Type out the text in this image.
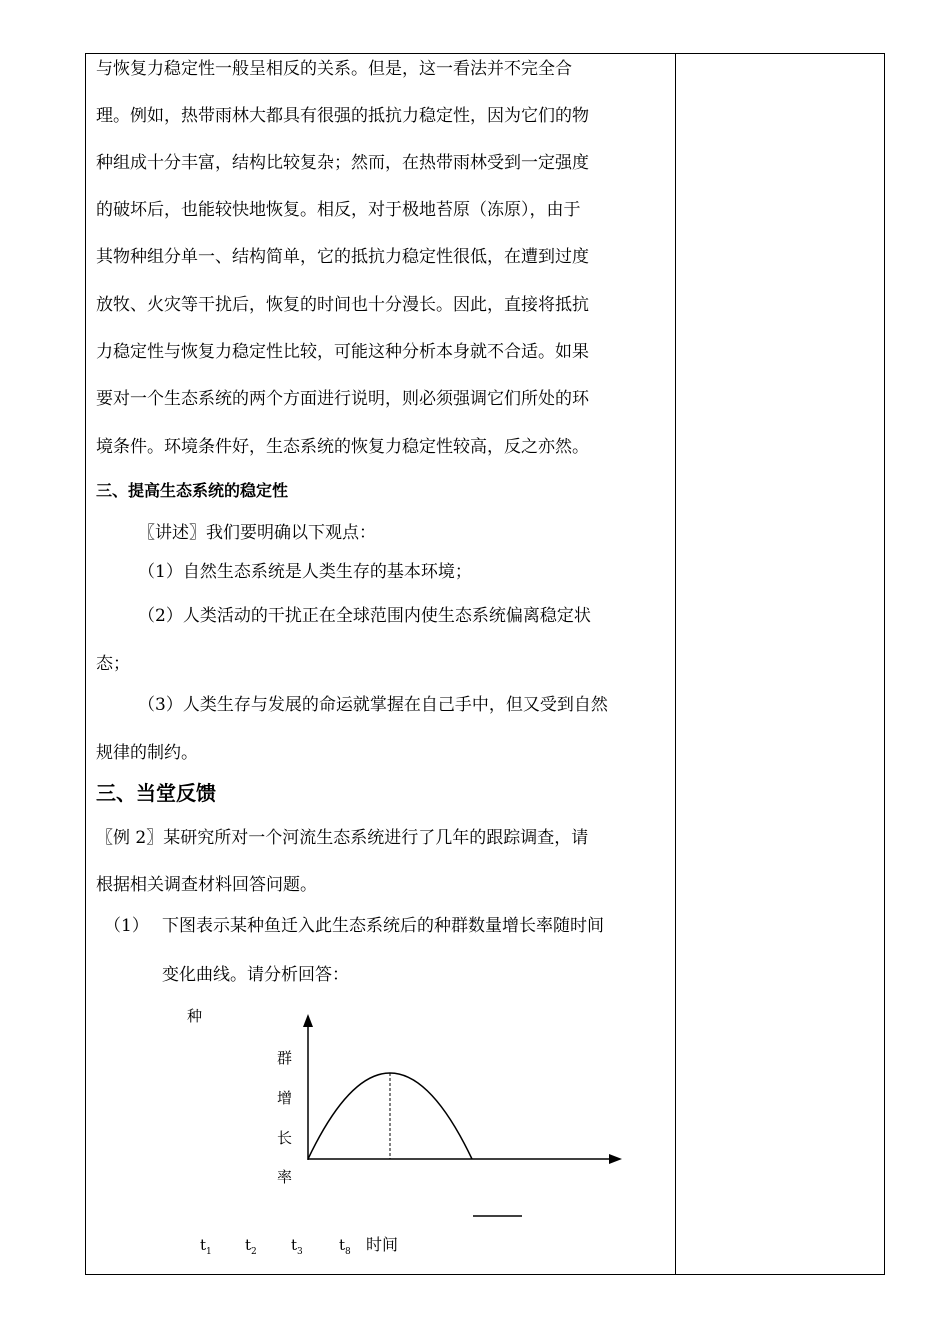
与恢复力稳定性一般呈相反的关系。但是，这一看法并不完全合
理。例如，热带雨林大都具有很强的抵抗力稳定性，因为它们的物
种组成十分丰富，结构比较复杂；然而，在热带雨林受到一定强度
的破坏后，也能较快地恢复。相反，对于极地苔原（冻原），由于
其物种组分单一、结构简单，它的抵抗力稳定性很低，在遭到过度
放牧、火灾等干扰后，恢复的时间也十分漫长。因此，直接将抵抗
力稳定性与恢复力稳定性比较，可能这种分析本身就不合适。如果
要对一个生态系统的两个方面进行说明，则必须强调它们所处的环
境条件。环境条件好，生态系统的恢复力稳定性较高，反之亦然。
三、提高生态系统的稳定性
〖讲述〗我们要明确以下观点：
（1）自然生态系统是人类生存的基本环境；
（2）人类活动的干扰正在全球范围内使生态系统偏离稳定状
态；
（3）人类生存与发展的命运就掌握在自己手中，但又受到自然
规律的制约。
三、当堂反馈
〖例 2〗某研究所对一个河流生态系统进行了几年的跟踪调查，请
根据相关调查材料回答问题。
（1） 下图表示某种鱼迁入此生态系统后的种群数量增长率随时间
变化曲线。请分析回答：
种
群
增
长
率
$t_1$ $t_2$ $t_3$ $t_8$ 时间
